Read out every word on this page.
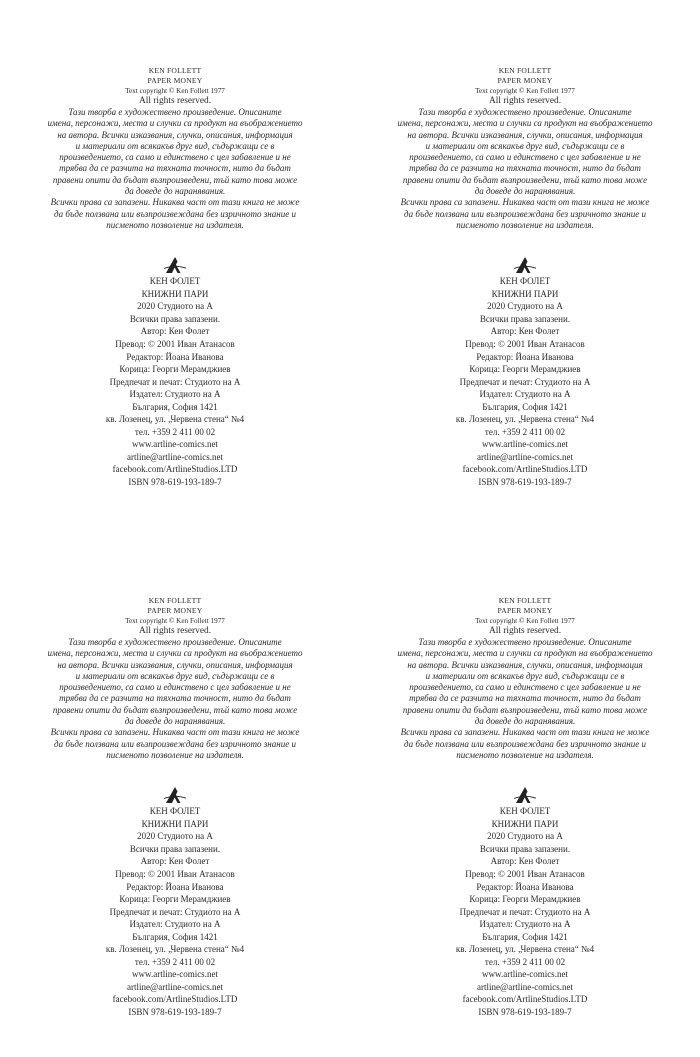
KEN FOLLETT
PAPER MONEY
Text copyright © Ken Follett 1977
All rights reserved.
Тази творба е художествено произведение. Описаните
имена, персонажи, места и случки са продукт на въображението
на автора. Всички изказвания, случки, описания, информация
и материали от всякакъв друг вид, съдържащи се в
произведението, са само и единствено с цел забавление и не
трябва да се разчита на тяхната точност, нито да бъдат
правени опити да бъдат възпроизведени, тъй като това може
да доведе до наранявания.
Всички права са запазени. Никаква част от тази книга не може
да бъде ползвана или възпроизвеждана без изричното знание и
писменото позволение на издателя.
КЕН ФОЛЕТ
КНИЖНИ ПАРИ
2020 Студиото на А
Всички права запазени.
Автор: Кен Фолет
Превод: © 2001 Иван Атанасов
Редактор: Йоана Иванова
Корица: Георги Мерамджиев
Предпечат и печат: Студиото на А
Издател: Студиото на А
България, София 1421
кв. Лозенец, ул. „Червена стена“ №4
тел. +359 2 411 00 02
www.artline-comics.net
artline@artline-comics.net
facebook.com/ArtlineStudios.LTD
ISBN 978-619-193-189-7
KEN FOLLETT
PAPER MONEY
Text copyright © Ken Follett 1977
All rights reserved.
Тази творба е художествено произведение. Описаните
имена, персонажи, места и случки са продукт на въображението
на автора. Всички изказвания, случки, описания, информация
и материали от всякакъв друг вид, съдържащи се в
произведението, са само и единствено с цел забавление и не
трябва да се разчита на тяхната точност, нито да бъдат
правени опити да бъдат възпроизведени, тъй като това може
да доведе до наранявания.
Всички права са запазени. Никаква част от тази книга не може
да бъде ползвана или възпроизвеждана без изричното знание и
писменото позволение на издателя.
КЕН ФОЛЕТ
КНИЖНИ ПАРИ
2020 Студиото на А
Всички права запазени.
Автор: Кен Фолет
Превод: © 2001 Иван Атанасов
Редактор: Йоана Иванова
Корица: Георги Мерамджиев
Предпечат и печат: Студиото на А
Издател: Студиото на А
България, София 1421
кв. Лозенец, ул. „Червена стена“ №4
тел. +359 2 411 00 02
www.artline-comics.net
artline@artline-comics.net
facebook.com/ArtlineStudios.LTD
ISBN 978-619-193-189-7
KEN FOLLETT
PAPER MONEY
Text copyright © Ken Follett 1977
All rights reserved.
Тази творба е художествено произведение. Описаните
имена, персонажи, места и случки са продукт на въображението
на автора. Всички изказвания, случки, описания, информация
и материали от всякакъв друг вид, съдържащи се в
произведението, са само и единствено с цел забавление и не
трябва да се разчита на тяхната точност, нито да бъдат
правени опити да бъдат възпроизведени, тъй като това може
да доведе до наранявания.
Всички права са запазени. Никаква част от тази книга не може
да бъде ползвана или възпроизвеждана без изричното знание и
писменото позволение на издателя.
КЕН ФОЛЕТ
КНИЖНИ ПАРИ
2020 Студиото на А
Всички права запазени.
Автор: Кен Фолет
Превод: © 2001 Иван Атанасов
Редактор: Йоана Иванова
Корица: Георги Мерамджиев
Предпечат и печат: Студиото на А
Издател: Студиото на А
България, София 1421
кв. Лозенец, ул. „Червена стена“ №4
тел. +359 2 411 00 02
www.artline-comics.net
artline@artline-comics.net
facebook.com/ArtlineStudios.LTD
ISBN 978-619-193-189-7
KEN FOLLETT
PAPER MONEY
Text copyright © Ken Follett 1977
All rights reserved.
Тази творба е художествено произведение. Описаните
имена, персонажи, места и случки са продукт на въображението
на автора. Всички изказвания, случки, описания, информация
и материали от всякакъв друг вид, съдържащи се в
произведението, са само и единствено с цел забавление и не
трябва да се разчита на тяхната точност, нито да бъдат
правени опити да бъдат възпроизведени, тъй като това може
да доведе до наранявания.
Всички права са запазени. Никаква част от тази книга не може
да бъде ползвана или възпроизвеждана без изричното знание и
писменото позволение на издателя.
КЕН ФОЛЕТ
КНИЖНИ ПАРИ
2020 Студиото на А
Всички права запазени.
Автор: Кен Фолет
Превод: © 2001 Иван Атанасов
Редактор: Йоана Иванова
Корица: Георги Мерамджиев
Предпечат и печат: Студиото на А
Издател: Студиото на А
България, София 1421
кв. Лозенец, ул. „Червена стена“ №4
тел. +359 2 411 00 02
www.artline-comics.net
artline@artline-comics.net
facebook.com/ArtlineStudios.LTD
ISBN 978-619-193-189-7
